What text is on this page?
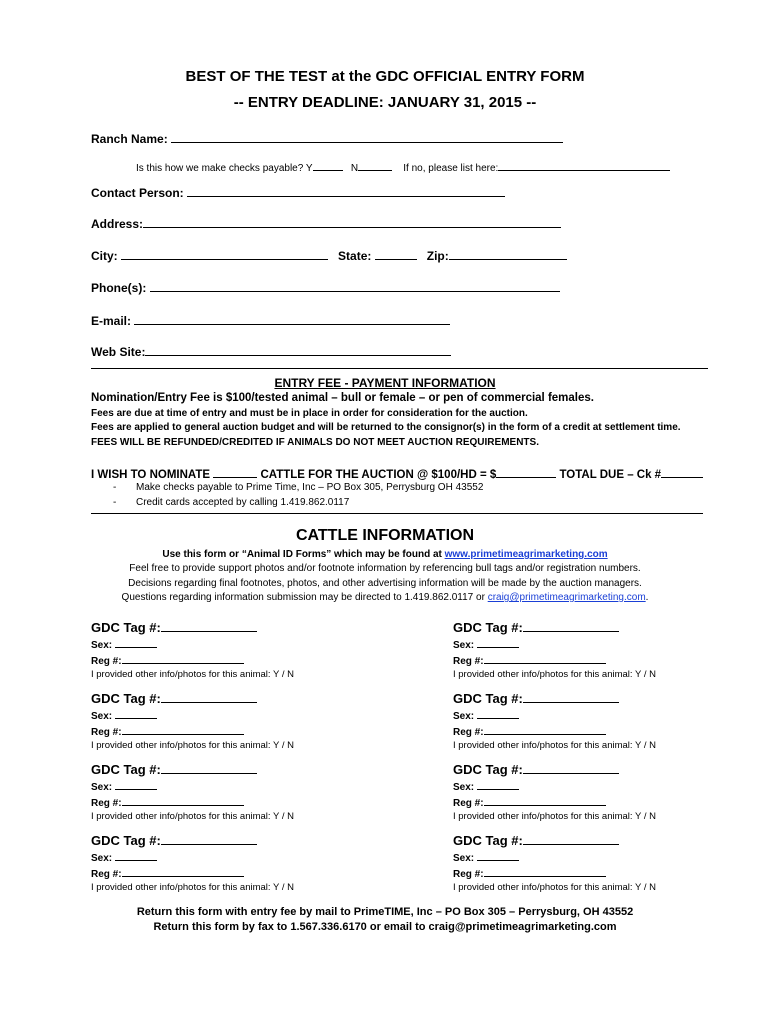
BEST OF THE TEST at the GDC OFFICIAL ENTRY FORM
-- ENTRY DEADLINE: JANUARY 31, 2015 --
Ranch Name:
Is this how we make checks payable? Y	N	If no, please list here:
Contact Person:
Address:
City:	State:	Zip:
Phone(s):
E-mail:
Web Site:
ENTRY FEE - PAYMENT INFORMATION
Nomination/Entry Fee is $100/tested animal – bull or female – or pen of commercial females.
Fees are due at time of entry and must be in place in order for consideration for the auction.
Fees are applied to general auction budget and will be returned to the consignor(s) in the form of a credit at settlement time.
FEES WILL BE REFUNDED/CREDITED IF ANIMALS DO NOT MEET AUCTION REQUIREMENTS.
I WISH TO NOMINATE	CATTLE FOR THE AUCTION @ $100/HD = $	TOTAL DUE – Ck #
- Make checks payable to Prime Time, Inc – PO Box 305, Perrysburg OH 43552
- Credit cards accepted by calling 1.419.862.0117
CATTLE INFORMATION
Use this form or “Animal ID Forms” which may be found at www.primetimeagrimarketing.com
Feel free to provide support photos and/or footnote information by referencing bull tags and/or registration numbers.
Decisions regarding final footnotes, photos, and other advertising information will be made by the auction managers.
Questions regarding information submission may be directed to 1.419.862.0117 or craig@primetimeagrimarketing.com.
GDC Tag #:
Sex:
Reg #:
I provided other info/photos for this animal: Y / N
GDC Tag #:
Sex:
Reg #:
I provided other info/photos for this animal: Y / N
GDC Tag #:
Sex:
Reg #:
I provided other info/photos for this animal: Y / N
GDC Tag #:
Sex:
Reg #:
I provided other info/photos for this animal: Y / N
GDC Tag #:
Sex:
Reg #:
I provided other info/photos for this animal: Y / N
GDC Tag #:
Sex:
Reg #:
I provided other info/photos for this animal: Y / N
GDC Tag #:
Sex:
Reg #:
I provided other info/photos for this animal: Y / N
GDC Tag #:
Sex:
Reg #:
I provided other info/photos for this animal: Y / N
Return this form with entry fee by mail to PrimeTIME, Inc – PO Box 305 – Perrysburg, OH 43552
Return this form by fax to 1.567.336.6170 or email to craig@primetimeagrimarketing.com
